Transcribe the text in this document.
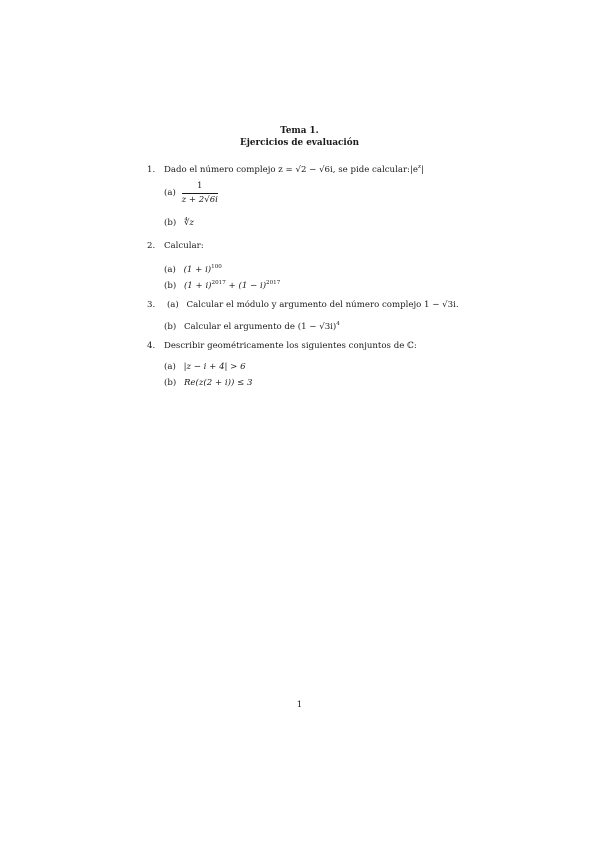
Tema 1.
Ejercicios de evaluación
1. Dado el número complejo z = √2 − √6i, se pide $calcular:|e^z|$
$(a) \frac{1}{z + 2√6i}$
(b) ∜z
2. Calcular:
(a) $(1 + i)^{100}$
(b) $(1 + i)^{2017} + (1 - i)^{2017}$
3. (a) Calcular el módulo y argumento del número complejo 1 − √3i.
(b) Calcular el argumento de $(1 - √3i)^4$
4. Describir geométricamente los siguientes conjuntos de ℂ:
(a) |z − i + 4| > 6
(b) Re(z(2 + i)) ≤ 3
1
